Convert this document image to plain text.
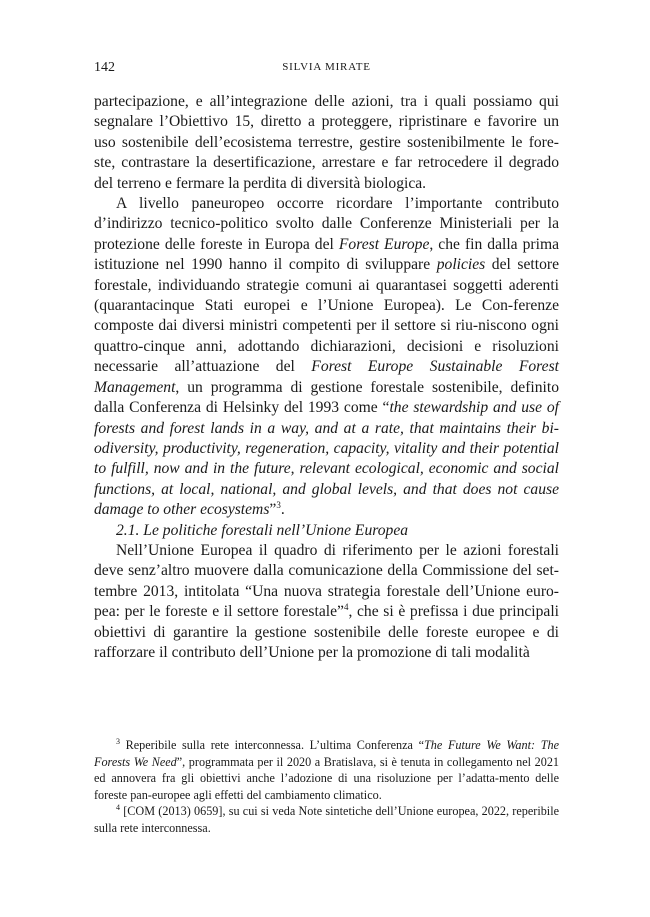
142	SILVIA MIRATE

partecipazione, e all’integrazione delle azioni, tra i quali possiamo qui segnalare l’Obiettivo 15, diretto a proteggere, ripristinare e favorire un uso sostenibile dell’ecosistema terrestre, gestire sostenibilmente le fore-ste, contrastare la desertificazione, arrestare e far retrocedere il degrado del terreno e fermare la perdita di diversità biologica.

A livello paneuropeo occorre ricordare l’importante contributo d’indirizzo tecnico-politico svolto dalle Conferenze Ministeriali per la protezione delle foreste in Europa del Forest Europe, che fin dalla prima istituzione nel 1990 hanno il compito di sviluppare policies del settore forestale, individuando strategie comuni ai quarantasei soggetti aderenti (quarantacinque Stati europei e l’Unione Europea). Le Con-ferenze composte dai diversi ministri competenti per il settore si riu-niscono ogni quattro-cinque anni, adottando dichiarazioni, decisioni e risoluzioni necessarie all’attuazione del Forest Europe Sustainable Forest Management, un programma di gestione forestale sostenibile, definito dalla Conferenza di Helsinky del 1993 come “the stewardship and use of forests and forest lands in a way, and at a rate, that maintains their bi-odiversity, productivity, regeneration, capacity, vitality and their potential to fulfill, now and in the future, relevant ecological, economic and social functions, at local, national, and global levels, and that does not cause damage to other ecosystems”$^3$.

2.1. Le politiche forestali nell’Unione Europea

Nell’Unione Europea il quadro di riferimento per le azioni forestali deve senz’altro muovere dalla comunicazione della Commissione del set-tembre 2013, intitolata “Una nuova strategia forestale dell’Unione euro-pea: per le foreste e il settore forestale”$^4$, che si è prefissa i due principali obiettivi di garantire la gestione sostenibile delle foreste europee e di rafforzare il contributo dell’Unione per la promozione di tali modalità

$^3$ Reperibile sulla rete interconnessa. L’ultima Conferenza “The Future We Want: The Forests We Need”, programmata per il 2020 a Bratislava, si è tenuta in collegamento nel 2021 ed annovera fra gli obiettivi anche l’adozione di una risoluzione per l’adatta-mento delle foreste pan-europee agli effetti del cambiamento climatico.

$^4$ [COM (2013) 0659], su cui si veda Note sintetiche dell’Unione europea, 2022, reperibile sulla rete interconnessa.
